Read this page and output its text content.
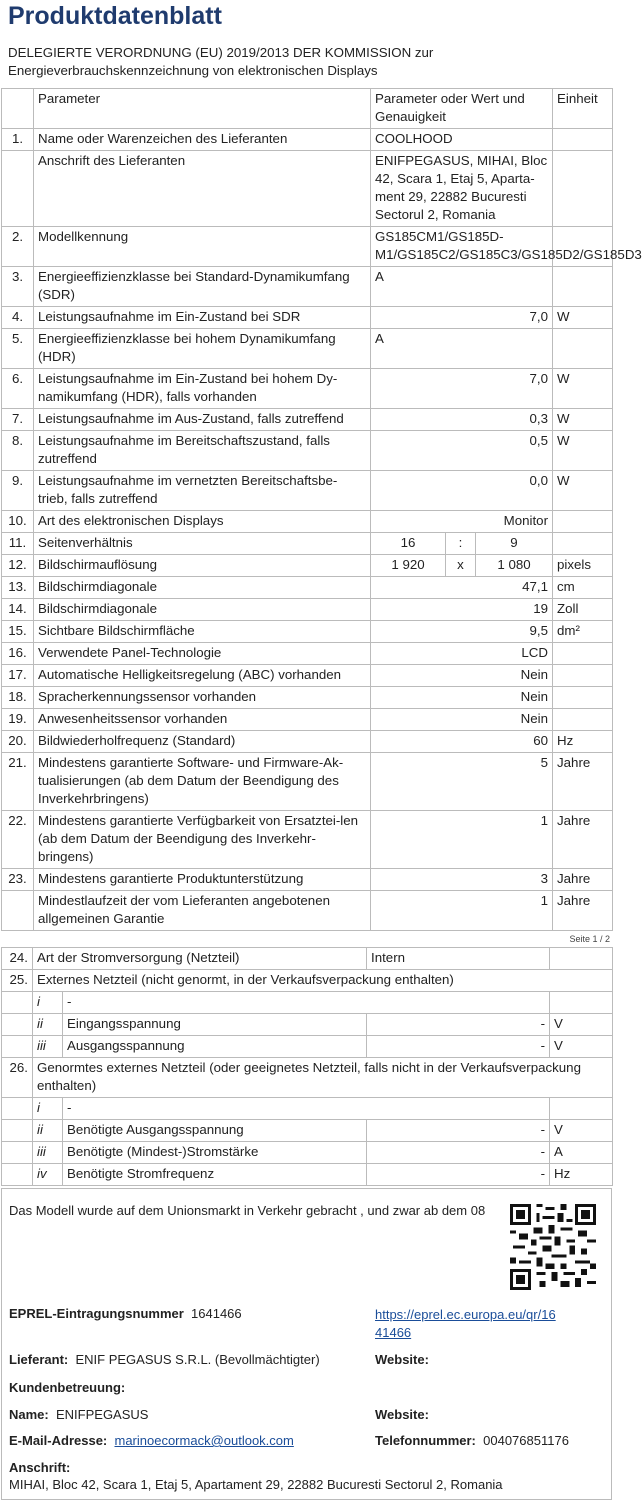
Produktdatenblatt
DELEGIERTE VERORDNUNG (EU) 2019/2013 DER KOMMISSION zur Energieverbrauchskennzeichnung von elektronischen Displays
	Parameter	Parameter oder Wert und Genauigkeit			Einheit
1.	Name oder Warenzeichen des Lieferanten	COOLHOOD			
	Anschrift des Lieferanten	ENIFPEGASUS, MIHAI, Bloc 42, Scara 1, Etaj 5, Aparta-ment 29, 22882 Bucuresti Sectorul 2, Romania			
2.	Modellkennung	GS185CM1/GS185D-M1/GS185C2/GS185C3/GS185D2/GS185D3			
3.	Energieeffizienzklasse bei Standard-Dynamikumfang (SDR)	A			
4.	Leistungsaufnahme im Ein-Zustand bei SDR	7,0			W
5.	Energieeffizienzklasse bei hohem Dynamikumfang (HDR)	A			
6.	Leistungsaufnahme im Ein-Zustand bei hohem Dy-namikumfang (HDR), falls vorhanden	7,0			W
7.	Leistungsaufnahme im Aus-Zustand, falls zutreffend	0,3			W
8.	Leistungsaufnahme im Bereitschaftszustand, falls zutreffend	0,5			W
9.	Leistungsaufnahme im vernetzten Bereitschaftsbe-trieb, falls zutreffend	0,0			W
10.	Art des elektronischen Displays	Monitor			
11.	Seitenverhältnis	16	:	9	
12.	Bildschirmauflösung	1 920	x	1 080	pixels
13.	Bildschirmdiagonale	47,1			cm
14.	Bildschirmdiagonale	19			Zoll
15.	Sichtbare Bildschirmfläche	9,5			dm²
16.	Verwendete Panel-Technologie	LCD			
17.	Automatische Helligkeitsregelung (ABC) vorhanden	Nein			
18.	Spracherkennungssensor vorhanden	Nein			
19.	Anwesenheitssensor vorhanden	Nein			
20.	Bildwiederholfrequenz (Standard)	60			Hz
21.	Mindestens garantierte Software- und Firmware-Ak-tualisierungen (ab dem Datum der Beendigung des Inverkehrbringens)	5			Jahre
22.	Mindestens garantierte Verfügbarkeit von Ersatztei-len (ab dem Datum der Beendigung des Inverkehr-bringens)	1			Jahre
23.	Mindestens garantierte Produktunterstützung	3			Jahre
	Mindestlaufzeit der vom Lieferanten angebotenen allgemeinen Garantie	1			Jahre
Seite 1 / 2
24.	Art der Stromversorgung (Netzteil)		Intern	
25.	Externes Netzteil (nicht genormt, in der Verkaufsverpackung enthalten)			
	i	-		
	ii	Eingangsspannung	-	V
	iii	Ausgangsspannung	-	V
26.	Genormtes externes Netzteil (oder geeignetes Netzteil, falls nicht in der Verkaufsverpackung enthalten)			
	i	-		
	ii	Benötigte Ausgangsspannung	-	V
	iii	Benötigte (Mindest-)Stromstärke	-	A
	iv	Benötigte Stromfrequenz	-	Hz
Das Modell wurde auf dem Unionsmarkt in Verkehr gebracht , und zwar ab dem 08
EPREL-Eintragungsnummer 1641466	https://eprel.ec.europa.eu/qr/16
41466
Lieferant: ENIF PEGASUS S.R.L. (Bevollmächtigter)	Website:
Kundenbetreuung:
Name: ENIFPEGASUS	Website:
E-Mail-Adresse: marinoecormack@outlook.com	Telefonnummer: 004076851176
Anschrift:
MIHAI, Bloc 42, Scara 1, Etaj 5, Apartament 29, 22882 Bucuresti Sectorul 2, Romania
